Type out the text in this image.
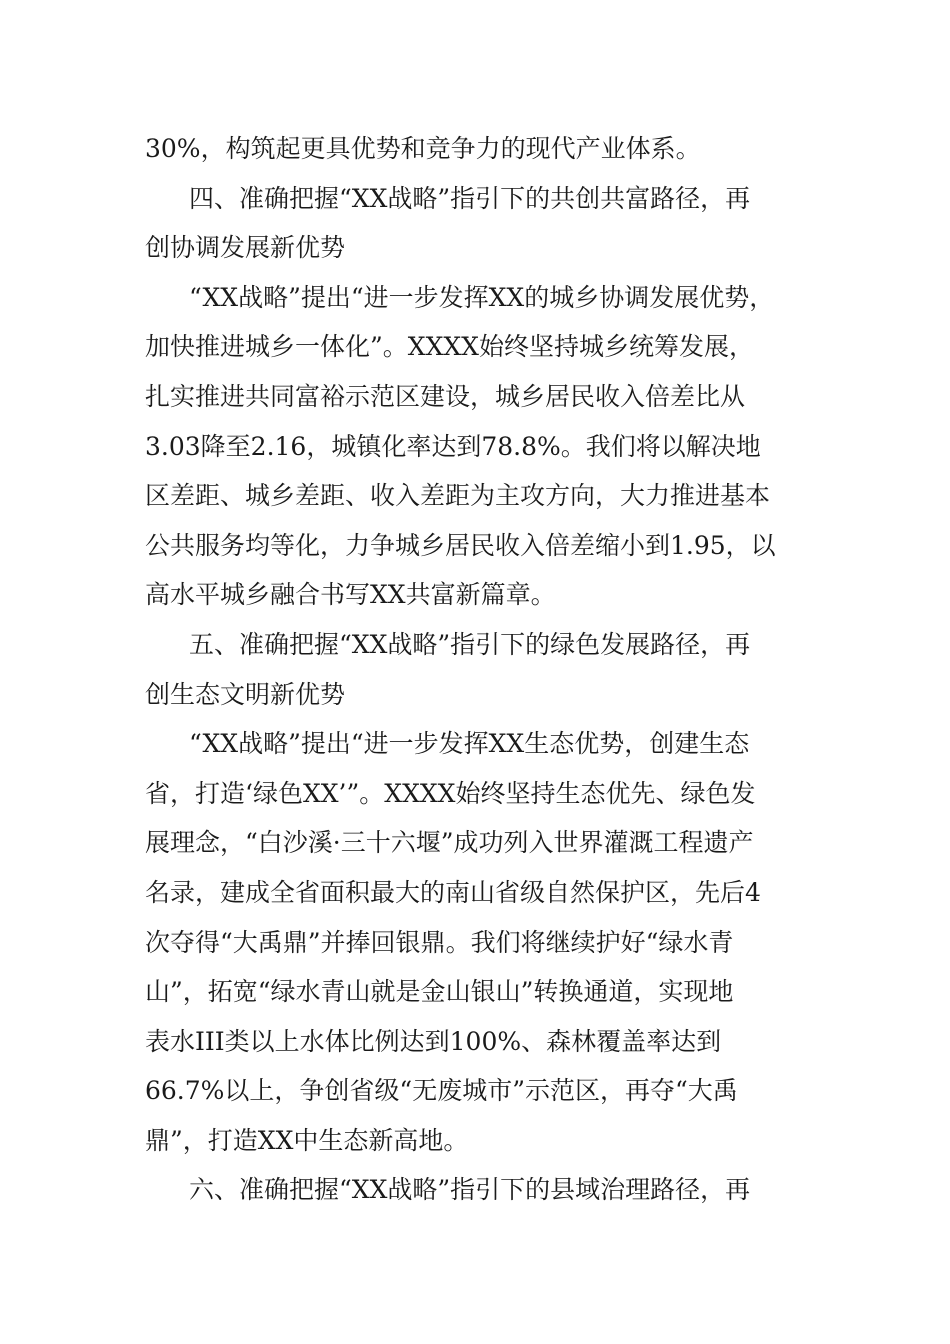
30%，构筑起更具优势和竞争力的现代产业体系。
四、准确把握“XX战略”指引下的共创共富路径，再
创协调发展新优势
“XX战略”提出“进一步发挥XX的城乡协调发展优势，
加快推进城乡一体化”。XXXX始终坚持城乡统筹发展，
扎实推进共同富裕示范区建设，城乡居民收入倍差比从
3.03降至2.16，城镇化率达到78.8%。我们将以解决地
区差距、城乡差距、收入差距为主攻方向，大力推进基本
公共服务均等化，力争城乡居民收入倍差缩小到1.95，以
高水平城乡融合书写XX共富新篇章。
五、准确把握“XX战略”指引下的绿色发展路径，再
创生态文明新优势
“XX战略”提出“进一步发挥XX生态优势，创建生态
省，打造‘绿色XX’”。XXXX始终坚持生态优先、绿色发
展理念，“白沙溪·三十六堰”成功列入世界灌溉工程遗产
名录，建成全省面积最大的南山省级自然保护区，先后4
次夺得“大禹鼎”并捧回银鼎。我们将继续护好“绿水青
山”，拓宽“绿水青山就是金山银山”转换通道，实现地
表水III类以上水体比例达到100%、森林覆盖率达到
66.7%以上，争创省级“无废城市”示范区，再夺“大禹
鼎”，打造XX中生态新高地。
六、准确把握“XX战略”指引下的县域治理路径，再
